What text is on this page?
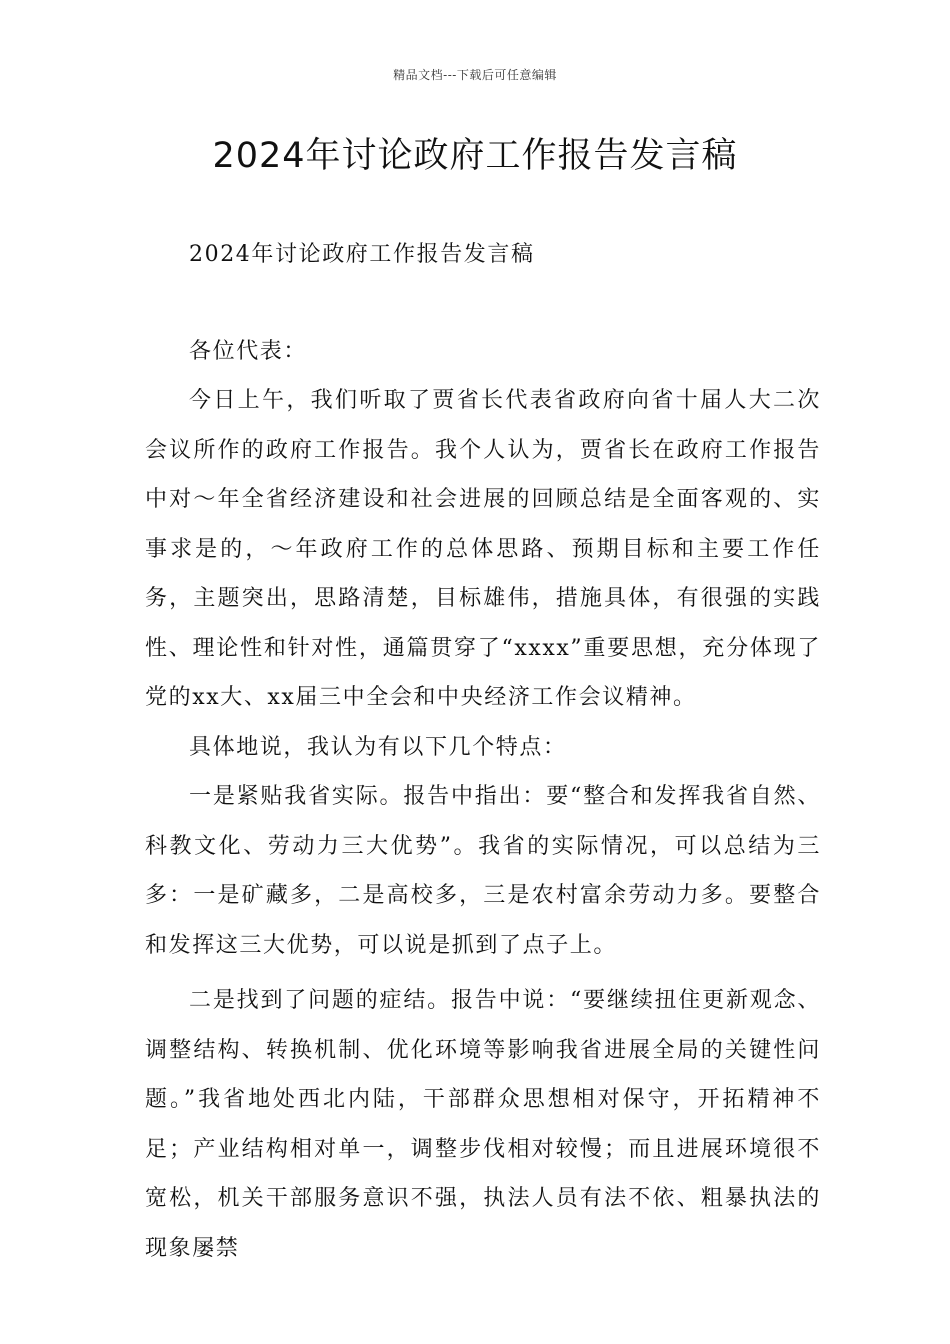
精品文档---下载后可任意编辑
2024年讨论政府工作报告发言稿

2024年讨论政府工作报告发言稿

各位代表：

今日上午，我们听取了贾省长代表省政府向省十届人大二次会议所作的政府工作报告。我个人认为，贾省长在政府工作报告中对～年全省经济建设和社会进展的回顾总结是全面客观的、实事求是的，～年政府工作的总体思路、预期目标和主要工作任务，主题突出，思路清楚，目标雄伟，措施具体，有很强的实践性、理论性和针对性，通篇贯穿了“xxxx”重要思想，充分体现了党的xx大、xx届三中全会和中央经济工作会议精神。

具体地说，我认为有以下几个特点：

一是紧贴我省实际。报告中指出：要“整合和发挥我省自然、科教文化、劳动力三大优势”。我省的实际情况，可以总结为三多：一是矿藏多，二是高校多，三是农村富余劳动力多。要整合和发挥这三大优势，可以说是抓到了点子上。

二是找到了问题的症结。报告中说：“要继续扭住更新观念、调整结构、转换机制、优化环境等影响我省进展全局的关键性问题。”我省地处西北内陆，干部群众思想相对保守，开拓精神不足；产业结构相对单一，调整步伐相对较慢；而且进展环境很不宽松，机关干部服务意识不强，执法人员有法不依、粗暴执法的现象屡禁
